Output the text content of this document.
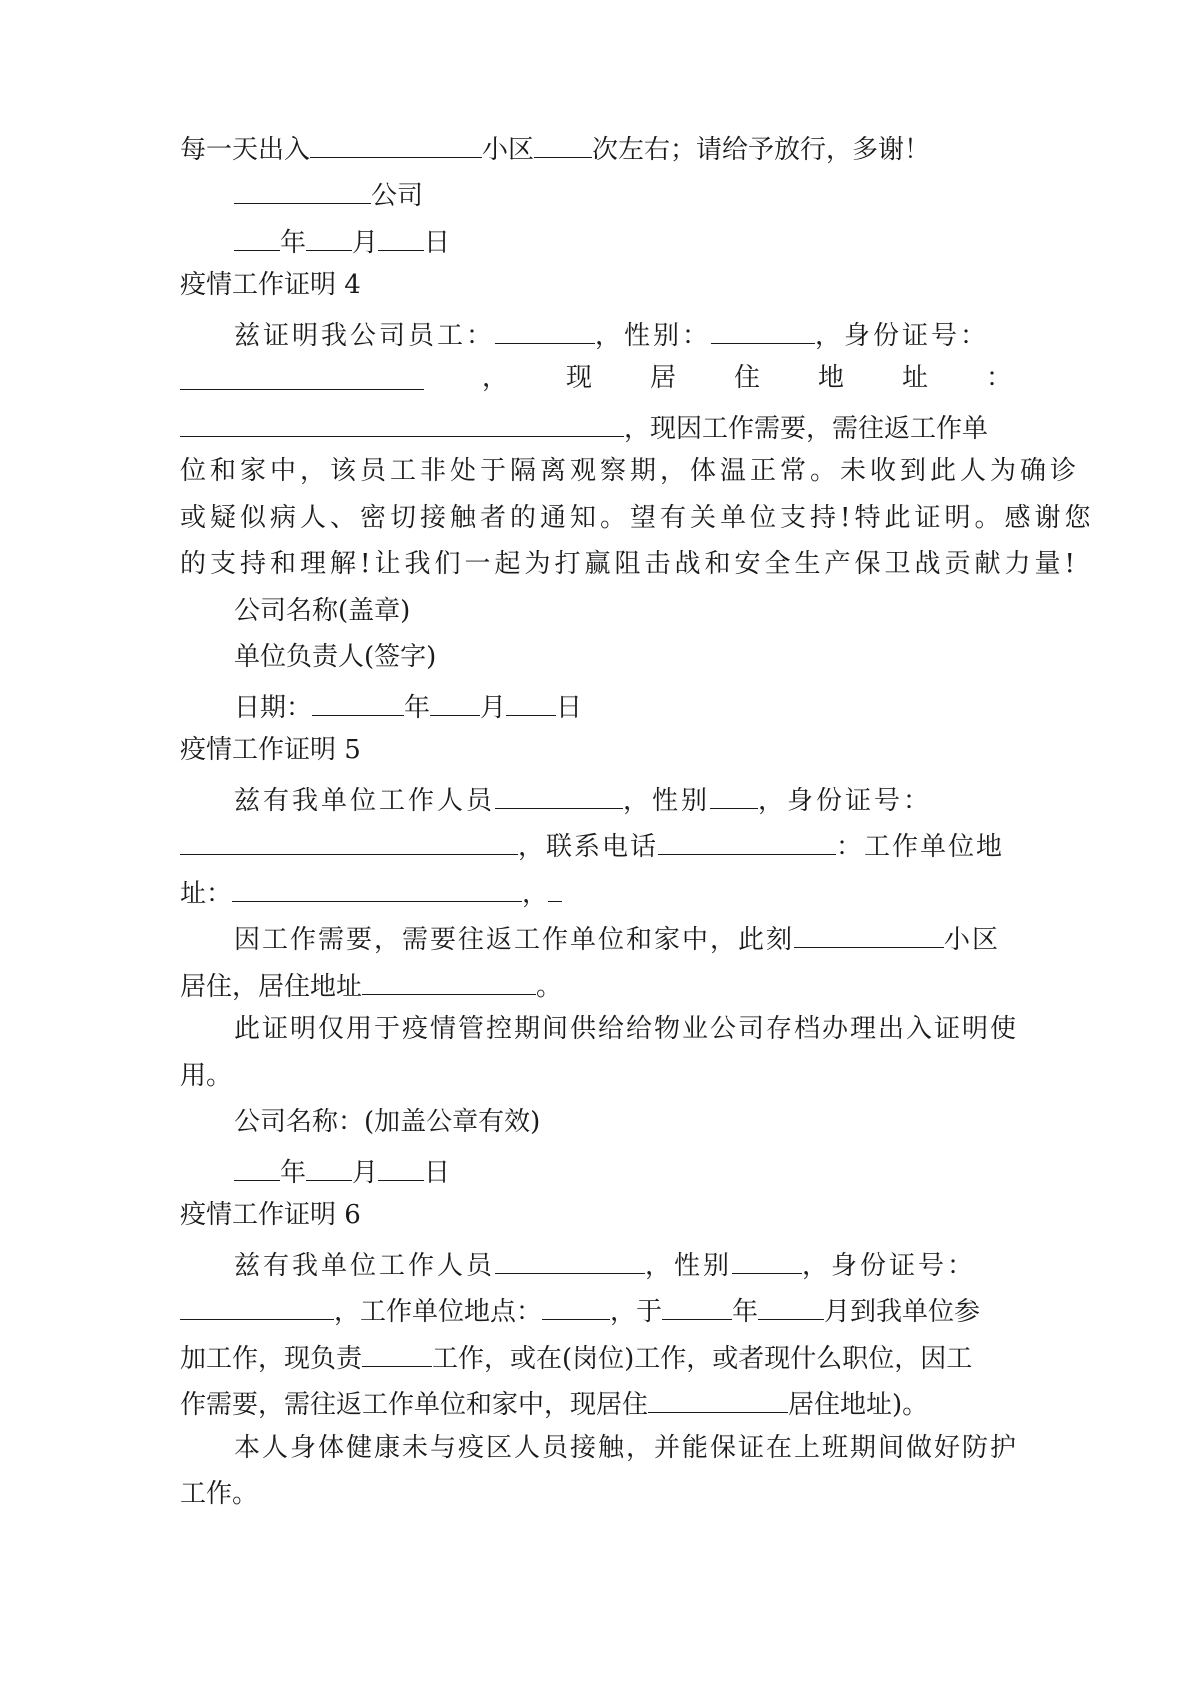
每一天出入	小区 次左右；请给予放行，多谢！
公司
年 月 日
疫情工作证明 4
兹证明我公司员工：	，性别：	，身份证号：
， 现 居 住 地 址 ：
，现因工作需要，需往返工作单
位和家中，该员工非处于隔离观察期，体温正常。未收到此人为确诊
或疑似病人、密切接触者的通知。望有关单位支持!特此证明。感谢您
的支持和理解!让我们一起为打赢阻击战和安全生产保卫战贡献力量!
公司名称(盖章)
单位负责人(签字)
日期：	年 月 日
疫情工作证明 5
兹有我单位工作人员	，性别 ，身份证号：
，联系电话	：工作单位地
址：	，
因工作需要，需要往返工作单位和家中，此刻	小区
居住，居住地址	。
此证明仅用于疫情管控期间供给给物业公司存档办理出入证明使
用。
公司名称：(加盖公章有效)
年 月 日
疫情工作证明 6
兹有我单位工作人员	，性别	，身份证号：
，工作单位地点：	，于	年	月到我单位参
加工作，现负责	工作，或在(岗位)工作，或者现什么职位，因工
作需要，需往返工作单位和家中，现居住	居住地址)。
本人身体健康未与疫区人员接触，并能保证在上班期间做好防护
工作。
